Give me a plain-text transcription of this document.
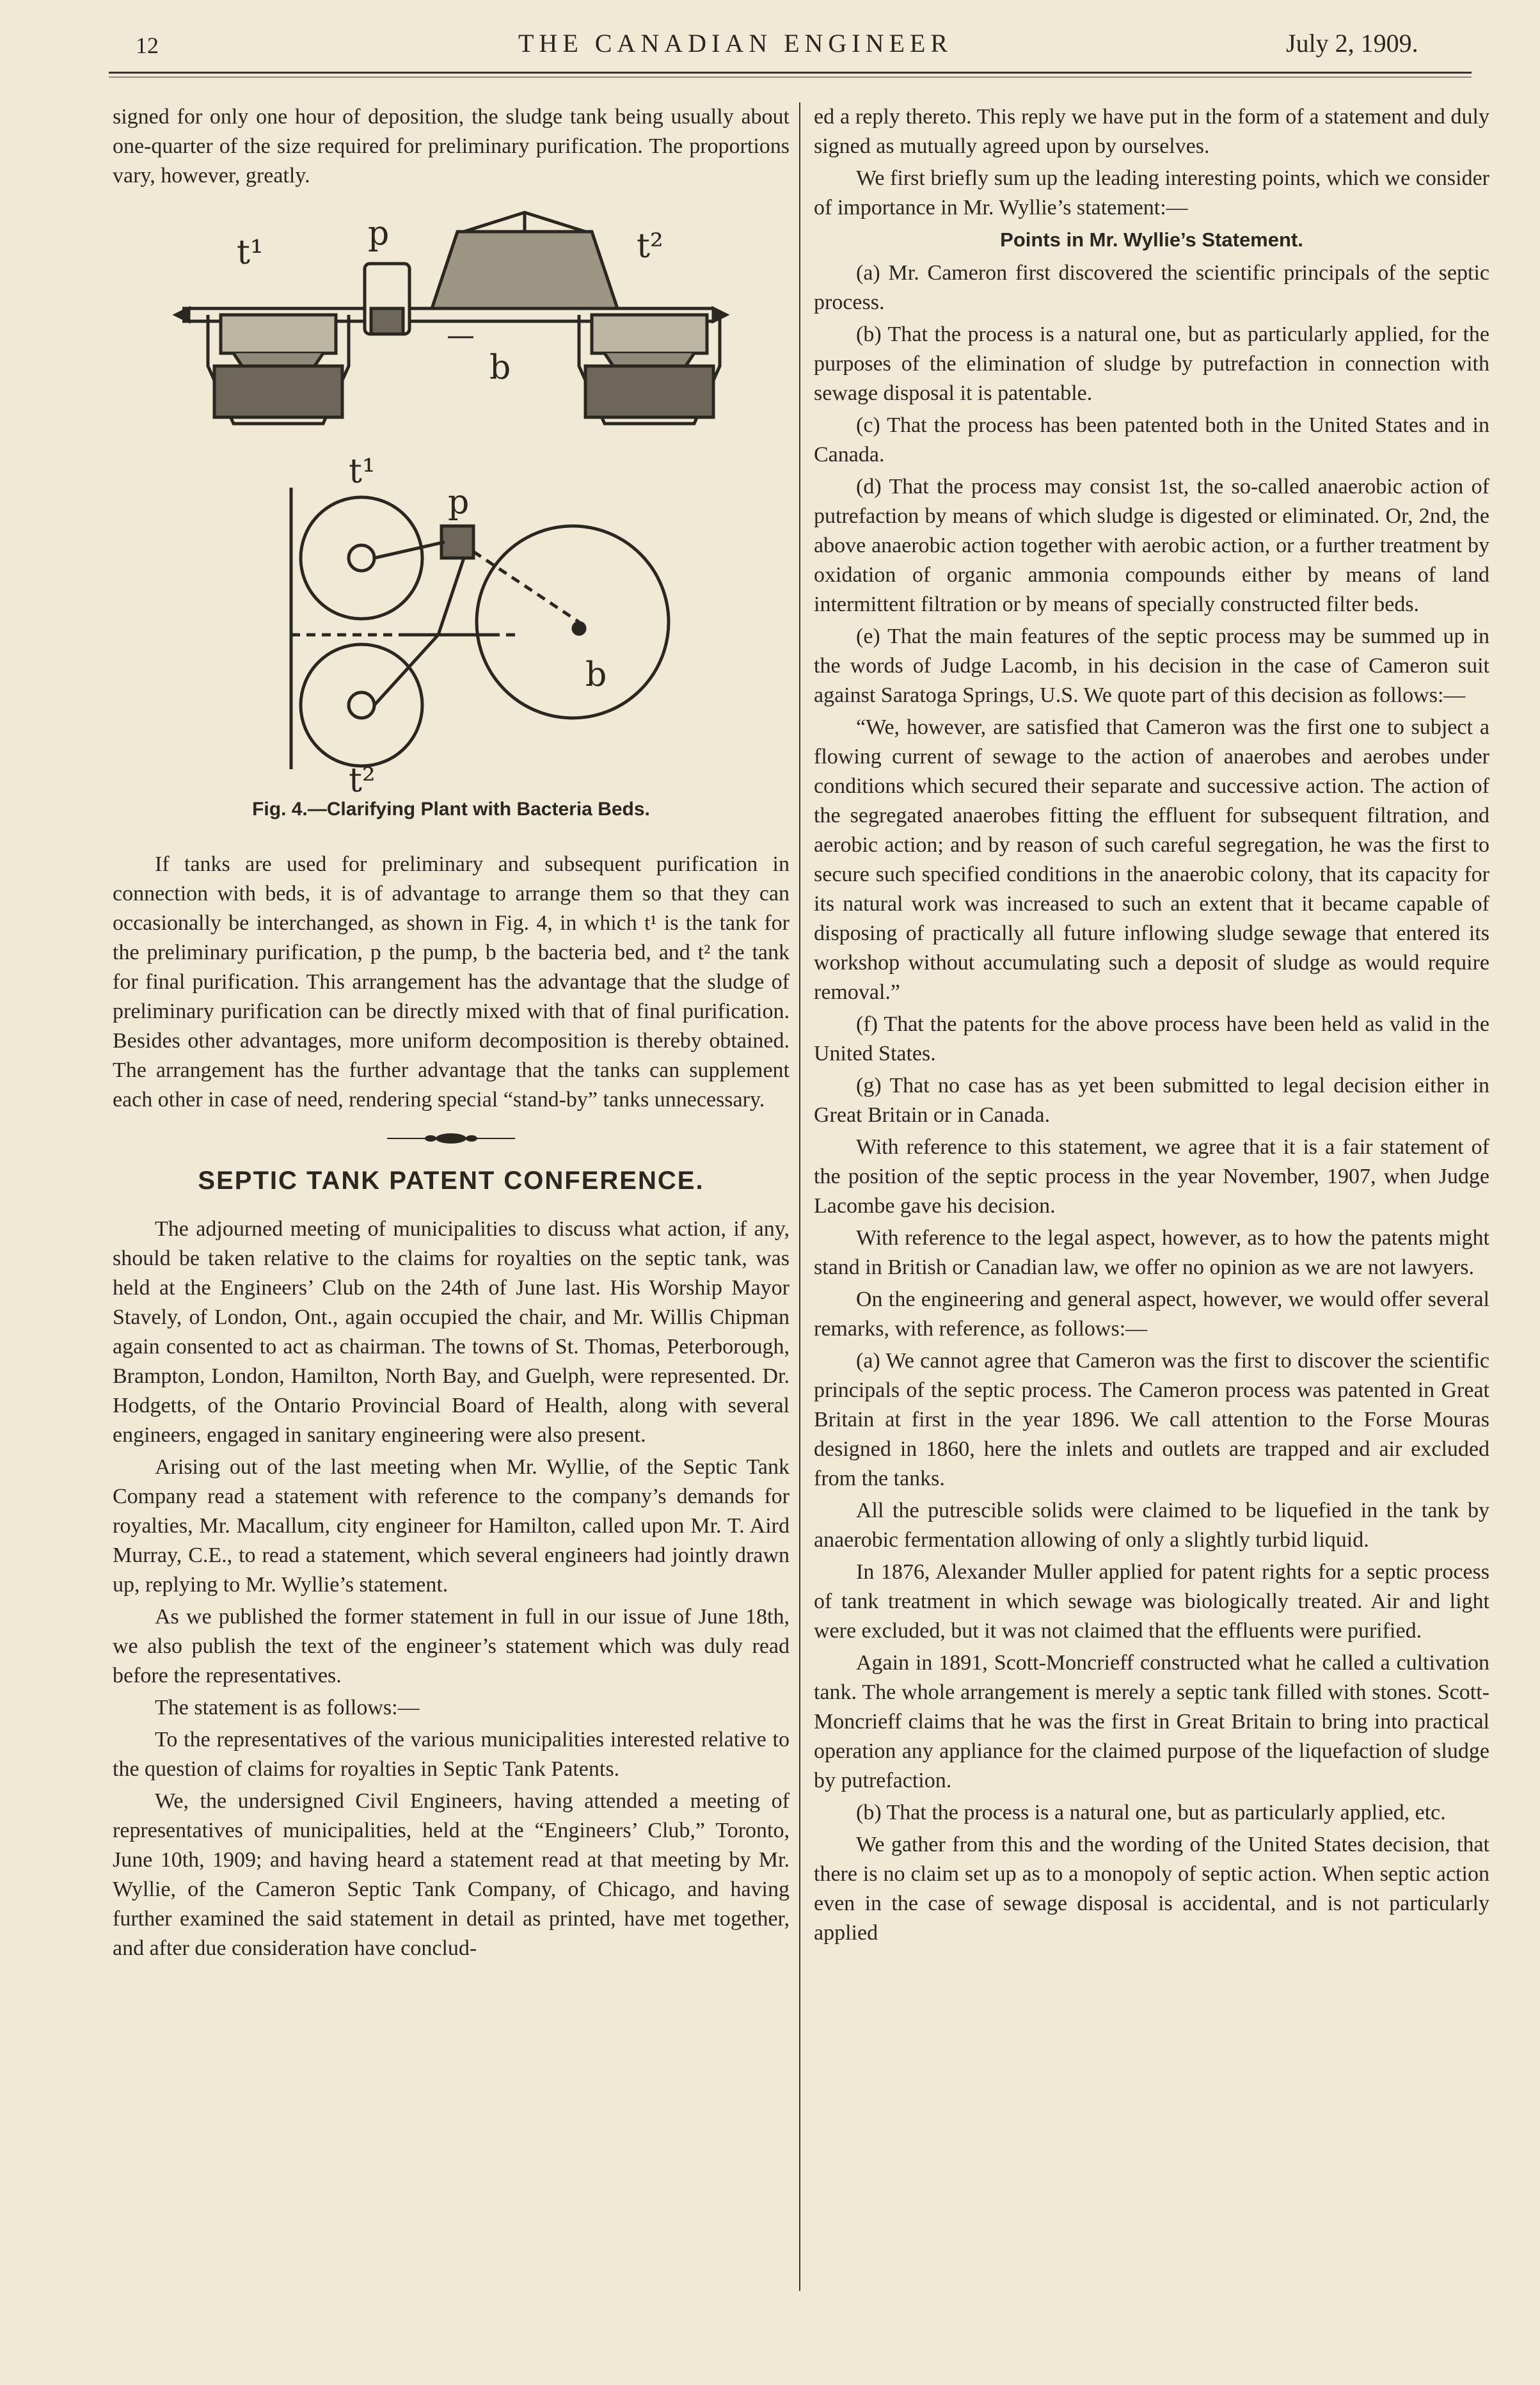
12	THE CANADIAN ENGINEER	July 2, 1909.

signed for only one hour of deposition, the sludge tank being usually about one-quarter of the size required for preliminary purification. The proportions vary, however, greatly.

t¹	p
b
t²
t¹
p
b
t²
Fig. 4.—Clarifying Plant with Bacteria Beds.

If tanks are used for preliminary and subsequent purification in connection with beds, it is of advantage to arrange them so that they can occasionally be interchanged, as shown in Fig. 4, in which t¹ is the tank for the preliminary purification, p the pump, b the bacteria bed, and t² the tank for final purification. This arrangement has the advantage that the sludge of preliminary purification can be directly mixed with that of final purification. Besides other advantages, more uniform decomposition is thereby obtained. The arrangement has the further advantage that the tanks can supplement each other in case of need, rendering special “stand-by” tanks unnecessary.

SEPTIC TANK PATENT CONFERENCE.

The adjourned meeting of municipalities to discuss what action, if any, should be taken relative to the claims for royalties on the septic tank, was held at the Engineers’ Club on the 24th of June last. His Worship Mayor Stavely, of London, Ont., again occupied the chair, and Mr. Willis Chipman again consented to act as chairman. The towns of St. Thomas, Peterborough, Brampton, London, Hamilton, North Bay, and Guelph, were represented. Dr. Hodgetts, of the Ontario Provincial Board of Health, along with several engineers, engaged in sanitary engineering were also present.

Arising out of the last meeting when Mr. Wyllie, of the Septic Tank Company read a statement with reference to the company’s demands for royalties, Mr. Macallum, city engineer for Hamilton, called upon Mr. T. Aird Murray, C.E., to read a statement, which several engineers had jointly drawn up, replying to Mr. Wyllie’s statement.

As we published the former statement in full in our issue of June 18th, we also publish the text of the engineer’s statement which was duly read before the representatives.

The statement is as follows:—

To the representatives of the various municipalities interested relative to the question of claims for royalties in Septic Tank Patents.

We, the undersigned Civil Engineers, having attended a meeting of representatives of municipalities, held at the “Engineers’ Club,” Toronto, June 10th, 1909; and having heard a statement read at that meeting by Mr. Wyllie, of the Cameron Septic Tank Company, of Chicago, and having further examined the said statement in detail as printed, have met together, and after due consideration have conclud-

ed a reply thereto. This reply we have put in the form of a statement and duly signed as mutually agreed upon by ourselves.

We first briefly sum up the leading interesting points, which we consider of importance in Mr. Wyllie’s statement:—

Points in Mr. Wyllie’s Statement.

(a) Mr. Cameron first discovered the scientific principals of the septic process.

(b) That the process is a natural one, but as particularly applied, for the purposes of the elimination of sludge by putrefaction in connection with sewage disposal it is patentable.

(c) That the process has been patented both in the United States and in Canada.

(d) That the process may consist 1st, the so-called anaerobic action of putrefaction by means of which sludge is digested or eliminated. Or, 2nd, the above anaerobic action together with aerobic action, or a further treatment by oxidation of organic ammonia compounds either by means of land intermittent filtration or by means of specially constructed filter beds.

(e) That the main features of the septic process may be summed up in the words of Judge Lacomb, in his decision in the case of Cameron suit against Saratoga Springs, U.S. We quote part of this decision as follows:—

“We, however, are satisfied that Cameron was the first one to subject a flowing current of sewage to the action of anaerobes and aerobes under conditions which secured their separate and successive action. The action of the segregated anaerobes fitting the effluent for subsequent filtration, and aerobic action; and by reason of such careful segregation, he was the first to secure such specified conditions in the anaerobic colony, that its capacity for its natural work was increased to such an extent that it became capable of disposing of practically all future inflowing sludge sewage that entered its workshop without accumulating such a deposit of sludge as would require removal.”

(f) That the patents for the above process have been held as valid in the United States.

(g) That no case has as yet been submitted to legal decision either in Great Britain or in Canada.

With reference to this statement, we agree that it is a fair statement of the position of the septic process in the year November, 1907, when Judge Lacombe gave his decision.

With reference to the legal aspect, however, as to how the patents might stand in British or Canadian law, we offer no opinion as we are not lawyers.

On the engineering and general aspect, however, we would offer several remarks, with reference, as follows:—

(a) We cannot agree that Cameron was the first to discover the scientific principals of the septic process. The Cameron process was patented in Great Britain at first in the year 1896. We call attention to the Forse Mouras designed in 1860, here the inlets and outlets are trapped and air excluded from the tanks.

All the putrescible solids were claimed to be liquefied in the tank by anaerobic fermentation allowing of only a slightly turbid liquid.

In 1876, Alexander Muller applied for patent rights for a septic process of tank treatment in which sewage was biologically treated. Air and light were excluded, but it was not claimed that the effluents were purified.

Again in 1891, Scott-Moncrieff constructed what he called a cultivation tank. The whole arrangement is merely a septic tank filled with stones. Scott-Moncrieff claims that he was the first in Great Britain to bring into practical operation any appliance for the claimed purpose of the liquefaction of sludge by putrefaction.

(b) That the process is a natural one, but as particularly applied, etc.

We gather from this and the wording of the United States decision, that there is no claim set up as to a monopoly of septic action. When septic action even in the case of sewage disposal is accidental, and is not particularly applied
